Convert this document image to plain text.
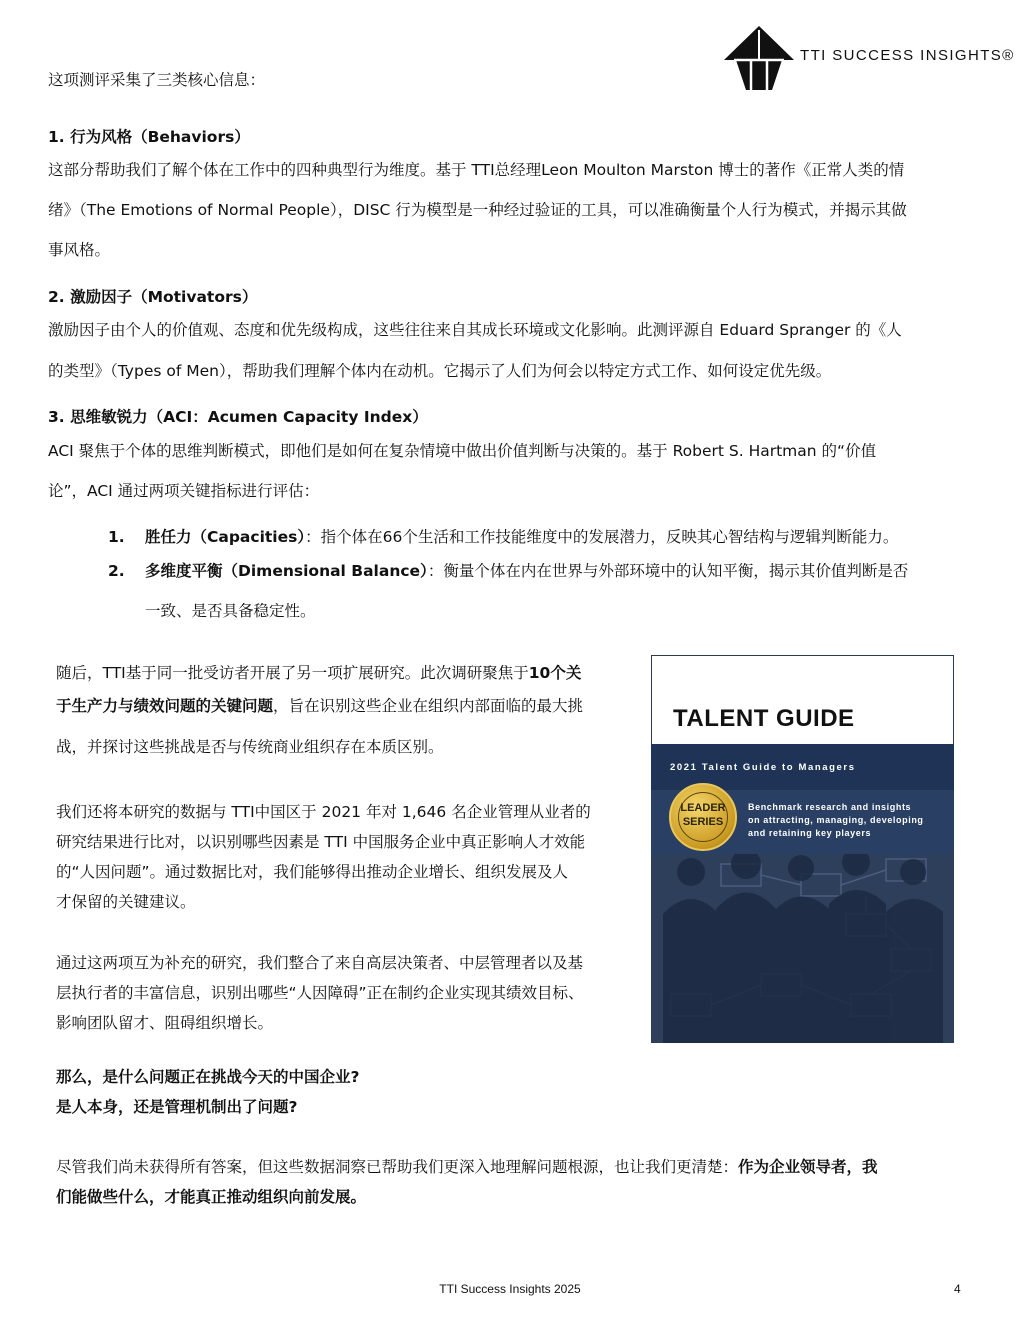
TTI SUCCESS INSIGHTS®
这项测评采集了三类核心信息：
1. 行为风格（Behaviors）
这部分帮助我们了解个体在工作中的四种典型行为维度。基于 TTI总经理Leon Moulton Marston 博士的著作《正常人类的情
绪》（The Emotions of Normal People），DISC 行为模型是一种经过验证的工具，可以准确衡量个人行为模式，并揭示其做
事风格。
2. 激励因子（Motivators）
激励因子由个人的价值观、态度和优先级构成，这些往往来自其成长环境或文化影响。此测评源自 Eduard Spranger 的《人
的类型》（Types of Men），帮助我们理解个体内在动机。它揭示了人们为何会以特定方式工作、如何设定优先级。
3. 思维敏锐力（ACI：Acumen Capacity Index）
ACI 聚焦于个体的思维判断模式，即他们是如何在复杂情境中做出价值判断与决策的。基于 Robert S. Hartman 的“价值
论”，ACI 通过两项关键指标进行评估：
1. 胜任力（Capacities）：指个体在66个生活和工作技能维度中的发展潜力，反映其心智结构与逻辑判断能力。
2. 多维度平衡（Dimensional Balance）：衡量个体在内在世界与外部环境中的认知平衡，揭示其价值判断是否
一致、是否具备稳定性。
随后，TTI基于同一批受访者开展了另一项扩展研究。此次调研聚焦于10个关
于生产力与绩效问题的关键问题，旨在识别这些企业在组织内部面临的最大挑
战，并探讨这些挑战是否与传统商业组织存在本质区别。
我们还将本研究的数据与 TTI中国区于 2021 年对 1,646 名企业管理从业者的
研究结果进行比对，以识别哪些因素是 TTI 中国服务企业中真正影响人才效能
的“人因问题”。通过数据比对，我们能够得出推动企业增长、组织发展及人
才保留的关键建议。
通过这两项互为补充的研究，我们整合了来自高层决策者、中层管理者以及基
层执行者的丰富信息，识别出哪些“人因障碍”正在制约企业实现其绩效目标、
影响团队留才、阻碍组织增长。
那么，是什么问题正在挑战今天的中国企业?
是人本身，还是管理机制出了问题?
尽管我们尚未获得所有答案，但这些数据洞察已帮助我们更深入地理解问题根源，也让我们更清楚：作为企业领导者，我
们能做些什么，才能真正推动组织向前发展。
TALENT GUIDE
2021 Talent Guide to Managers
LEADER
SERIES
Benchmark research and insights
on attracting, managing, developing
and retaining key players
TTI Success Insights 2025	4
